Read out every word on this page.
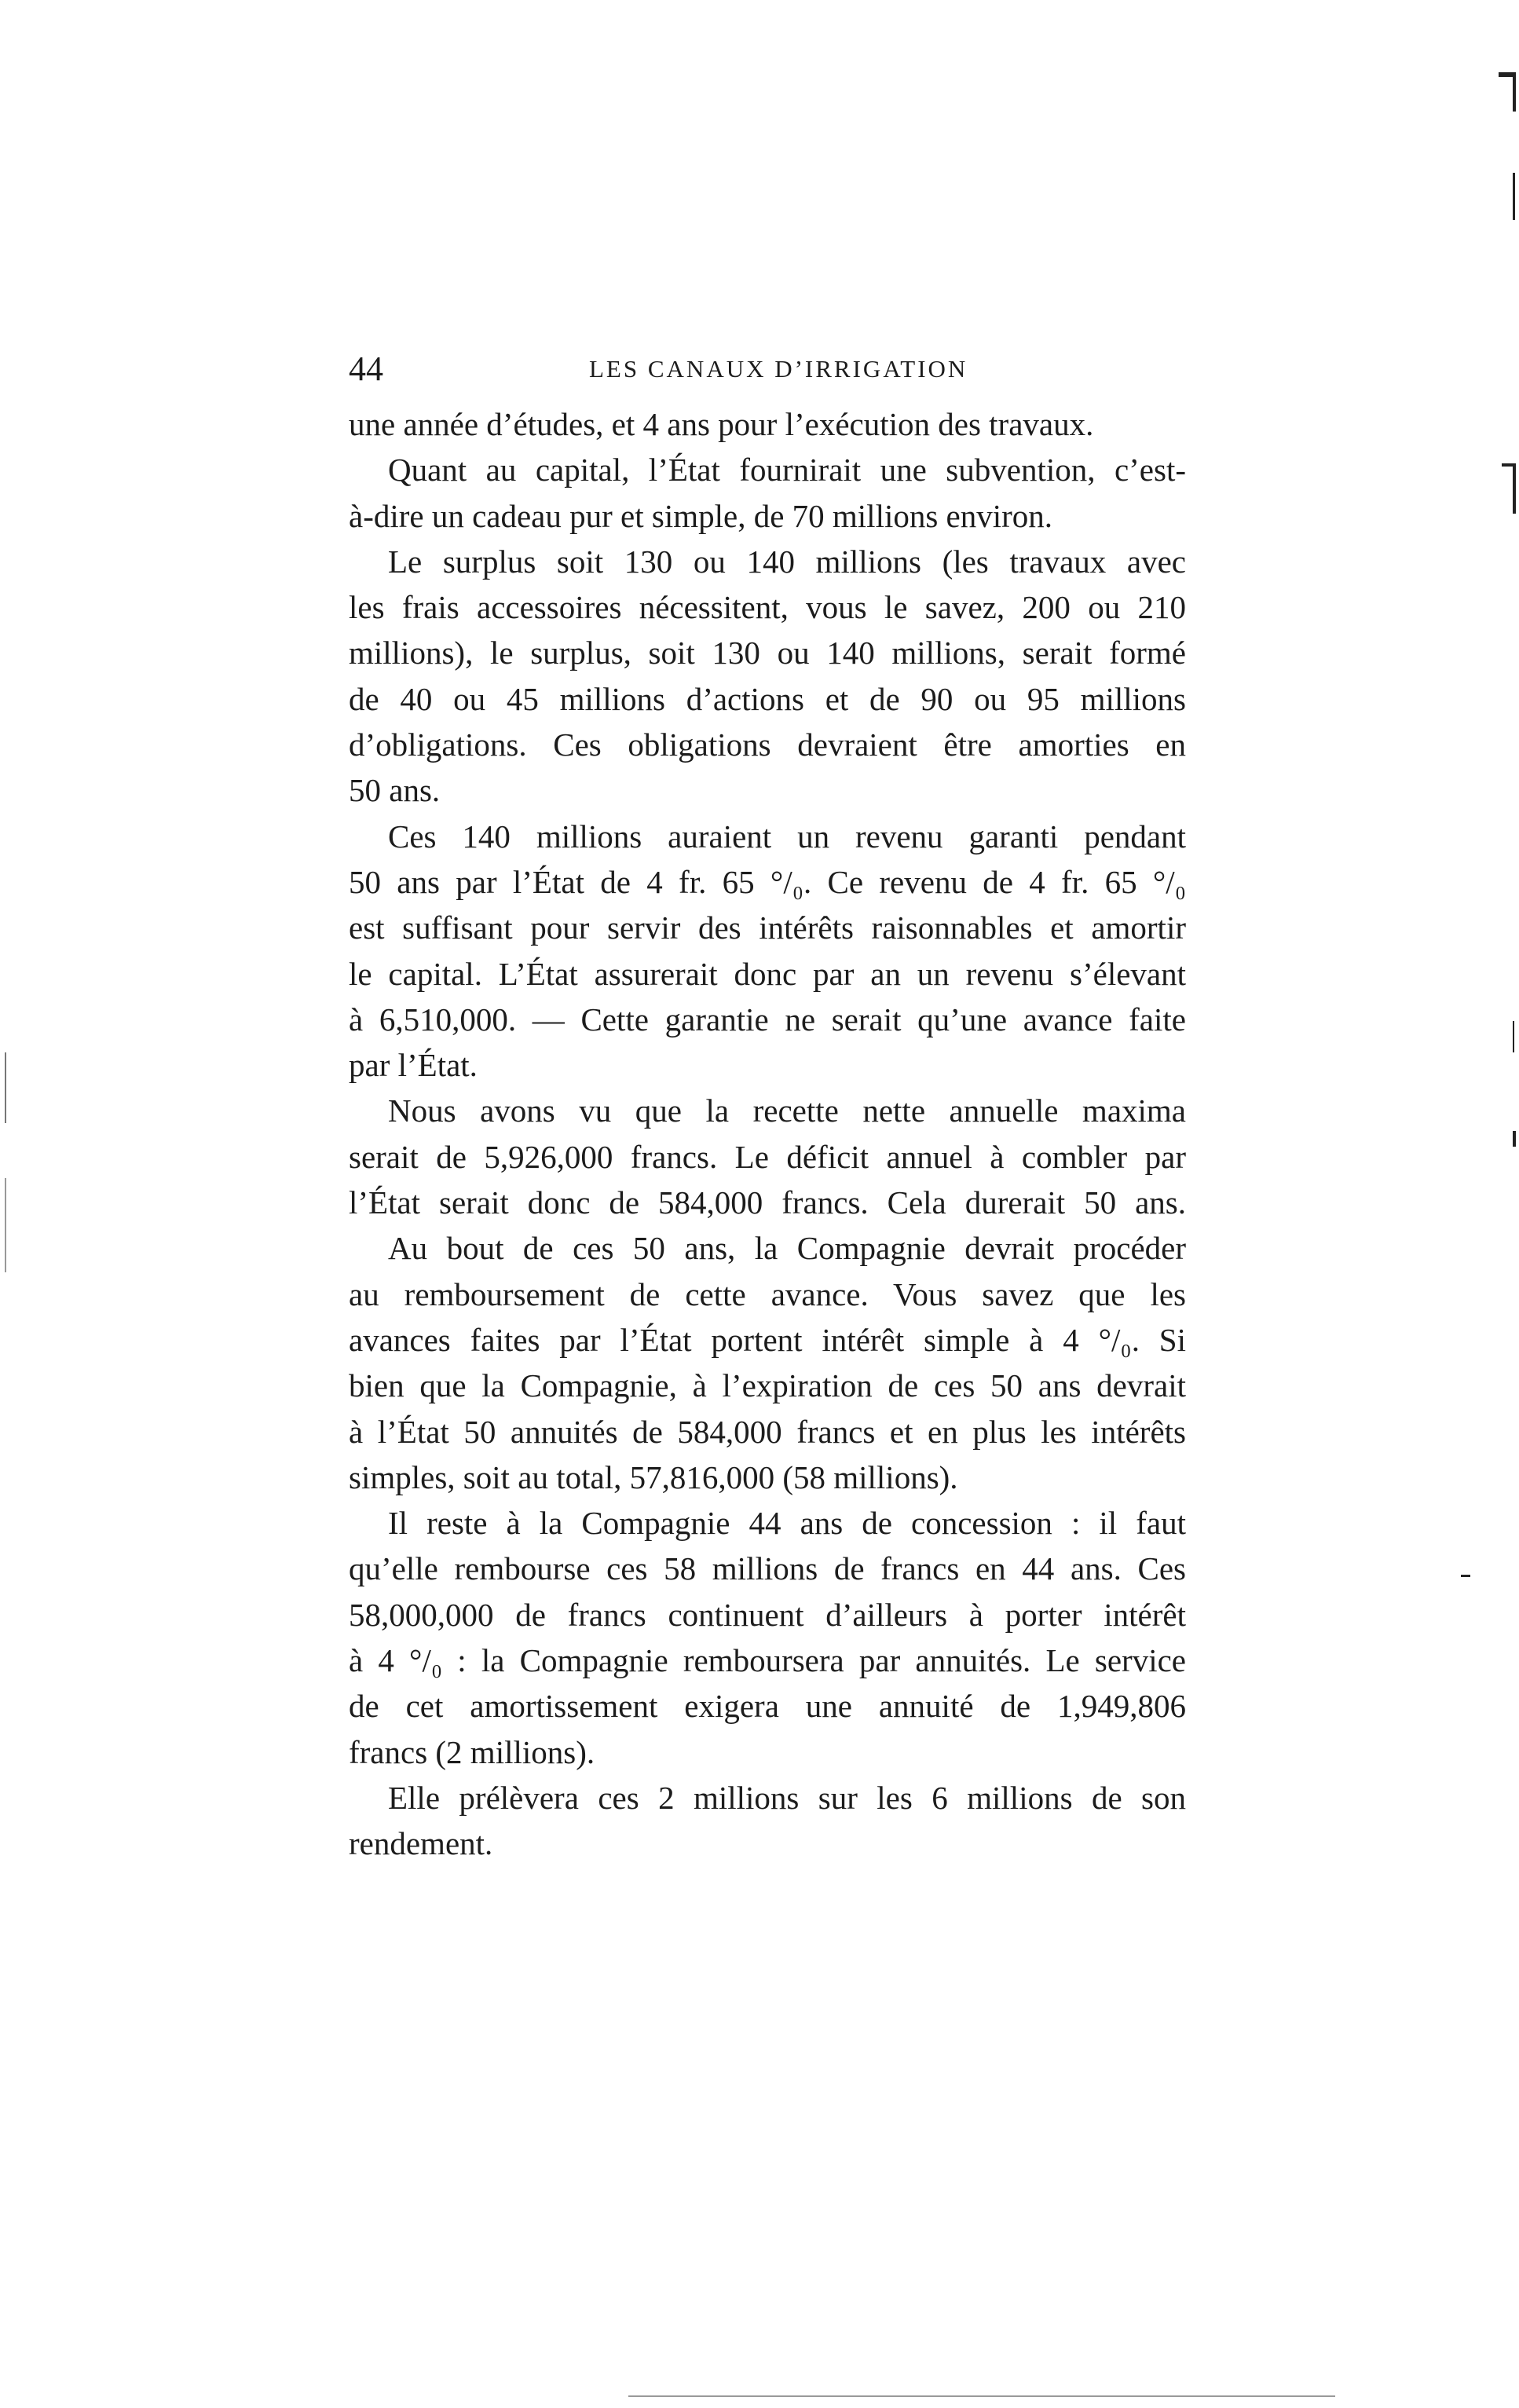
44	LES CANAUX D’IRRIGATION

une année d’études, et 4 ans pour l’exécution des travaux.

Quant au capital, l’État fournirait une subvention, c’est-
à-dire un cadeau pur et simple, de 70 millions environ.

Le surplus soit 130 ou 140 millions (les travaux avec
les frais accessoires nécessitent, vous le savez, 200 ou 210
millions), le surplus, soit 130 ou 140 millions, serait formé
de 40 ou 45 millions d’actions et de 90 ou 95 millions
d’obligations. Ces obligations devraient être amorties en
50 ans.

Ces 140 millions auraient un revenu garanti pendant
50 ans par l’État de 4 fr. 65 °/₀. Ce revenu de 4 fr. 65 °/₀
est suffisant pour servir des intérêts raisonnables et amortir
le capital. L’État assurerait donc par an un revenu s’élevant
à 6,510,000. — Cette garantie ne serait qu’une avance faite
par l’État.

Nous avons vu que la recette nette annuelle maxima
serait de 5,926,000 francs. Le déficit annuel à combler par
l’État serait donc de 584,000 francs. Cela durerait 50 ans.

Au bout de ces 50 ans, la Compagnie devrait procéder
au remboursement de cette avance. Vous savez que les
avances faites par l’État portent intérêt simple à 4 °/₀. Si
bien que la Compagnie, à l’expiration de ces 50 ans devrait
à l’État 50 annuités de 584,000 francs et en plus les intérêts
simples, soit au total, 57,816,000 (58 millions).

Il reste à la Compagnie 44 ans de concession : il faut
qu’elle rembourse ces 58 millions de francs en 44 ans. Ces
58,000,000 de francs continuent d’ailleurs à porter intérêt
à 4 °/₀ : la Compagnie remboursera par annuités. Le service
de cet amortissement exigera une annuité de 1,949,806
francs (2 millions).

Elle prélèvera ces 2 millions sur les 6 millions de son
rendement.
